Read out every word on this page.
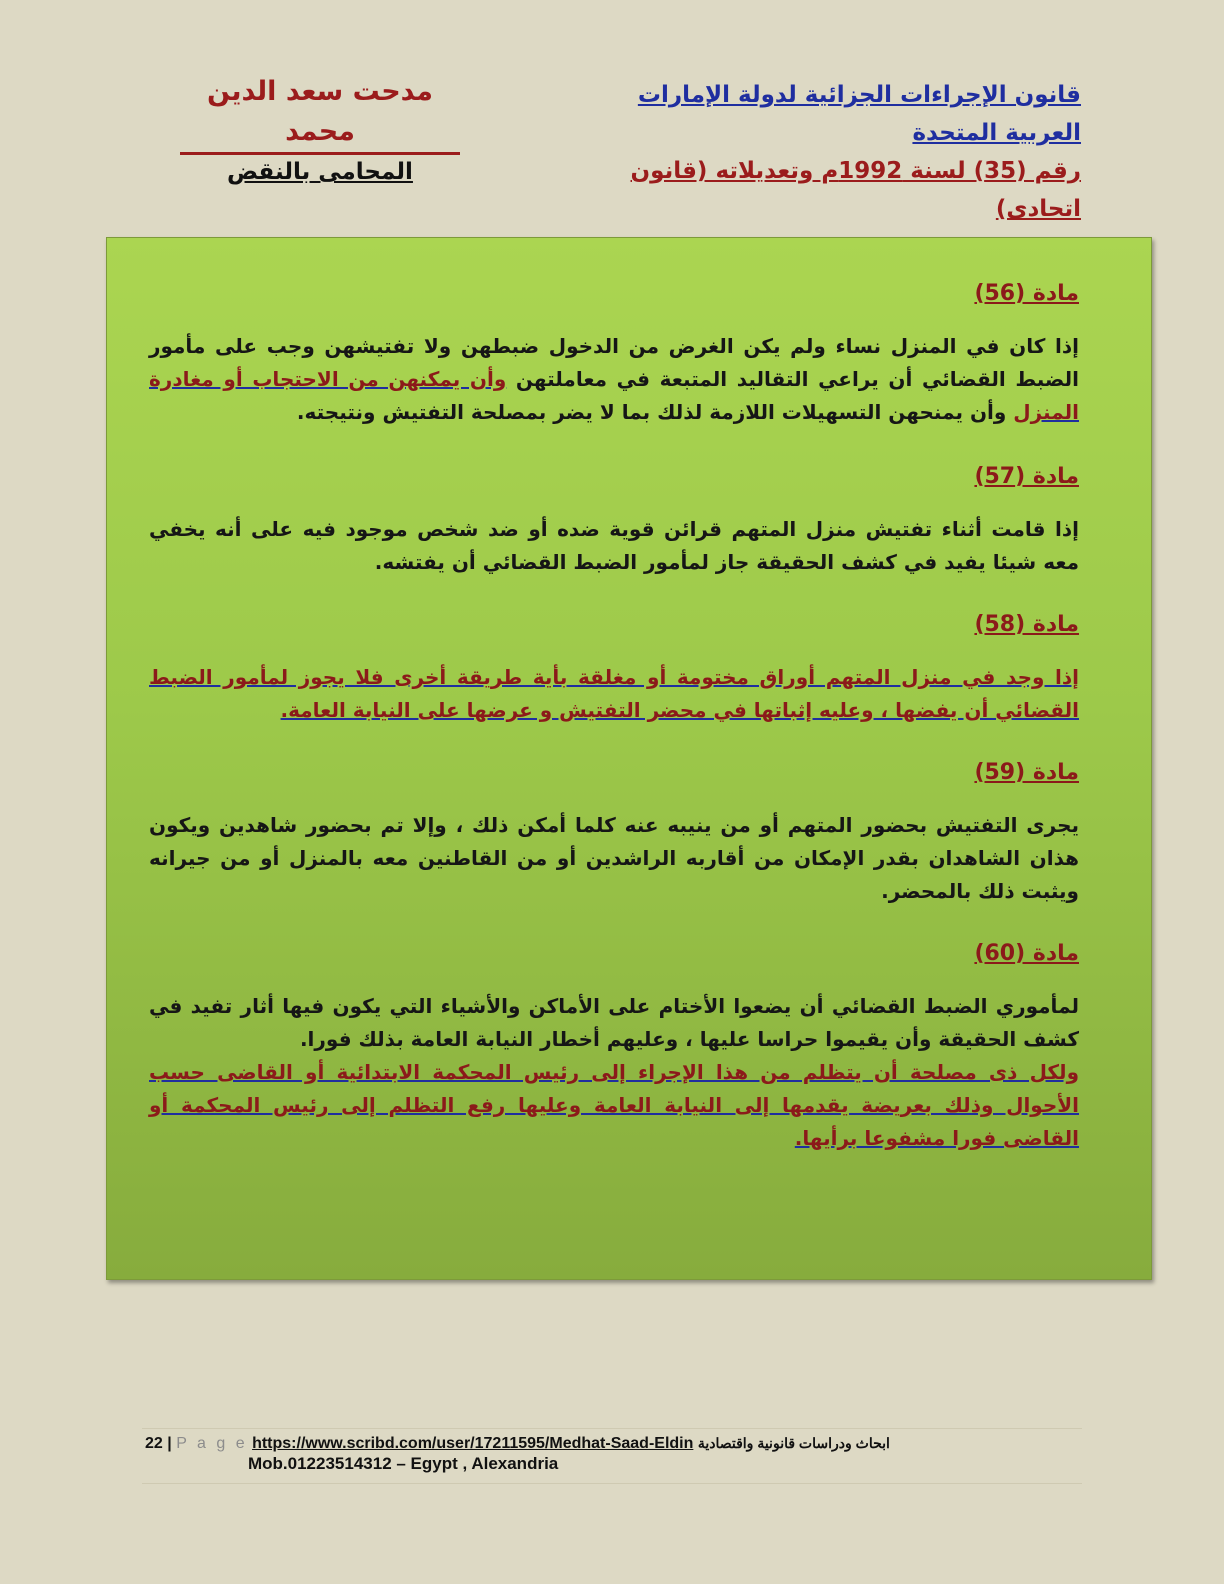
قانون الإجراءات الجزائية لدولة الإمارات العربية المتحدة
رقم (35) لسنة 1992م وتعديلاته (قانون اتحادى)
مدحت سعد الدين محمد
المحامى بالنقض
مادة (56)

إذا كان في المنزل نساء ولم يكن الغرض من الدخول ضبطهن ولا تفتيشهن وجب على مأمور الضبط القضائي أن يراعي التقاليد المتبعة في معاملتهن وأن يمكنهن من الاحتجاب أو مغادرة المنزل وأن يمنحهن التسهيلات اللازمة لذلك بما لا يضر بمصلحة التفتيش ونتيجته.

مادة (57)

إذا قامت أثناء تفتيش منزل المتهم قرائن قوية ضده أو ضد شخص موجود فيه على أنه يخفي معه شيئا يفيد في كشف الحقيقة جاز لمأمور الضبط القضائي أن يفتشه.

مادة (58)

إذا وجد في منزل المتهم أوراق مختومة أو مغلقة بأية طريقة أخرى فلا يجوز لمأمور الضبط القضائي أن يفضها ، وعليه إثباتها في محضر التفتيش و عرضها على النيابة العامة.

مادة (59)

يجرى التفتيش بحضور المتهم أو من ينيبه عنه كلما أمكن ذلك ، وإلا تم بحضور شاهدين ويكون هذان الشاهدان بقدر الإمكان من أقاربه الراشدين أو من القاطنين معه بالمنزل أو من جيرانه ويثبت ذلك بالمحضر.

مادة (60)

لمأموري الضبط القضائي أن يضعوا الأختام على الأماكن والأشياء التي يكون فيها أثار تفيد في كشف الحقيقة وأن يقيموا حراسا عليها ، وعليهم أخطار النيابة العامة بذلك فورا.

ولكل ذى مصلحة أن يتظلم من هذا الإجراء إلى رئيس المحكمة الابتدائية أو القاضى حسب الأحوال وذلك بعريضة يقدمها إلى النيابة العامة وعليها رفع التظلم إلى رئيس المحكمة أو القاضى فورا مشفوعا برأيها.

22 | P a g e https://www.scribd.com/user/17211595/Medhat-Saad-Eldin ابحاث ودراسات قانونية واقتصادية
Mob.01223514312 – Egypt , Alexandria
